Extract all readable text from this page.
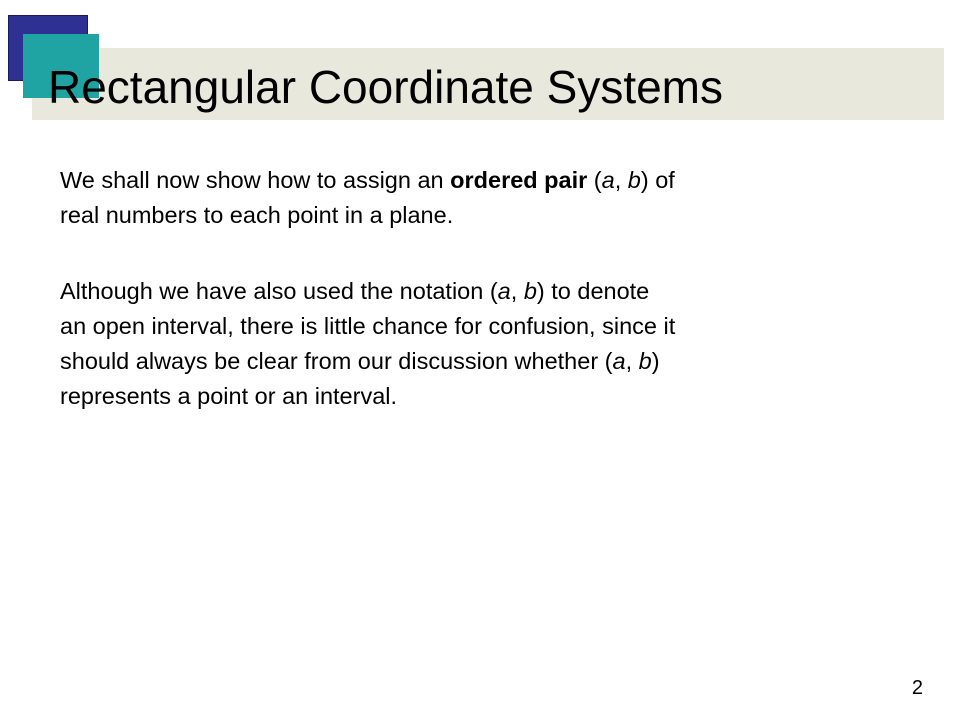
Rectangular Coordinate Systems

We shall now show how to assign an ordered pair (a, b) of

real numbers to each point in a plane.

Although we have also used the notation (a, b) to denote

an open interval, there is little chance for confusion, since it

should always be clear from our discussion whether (a, b)

represents a point or an interval.

2
